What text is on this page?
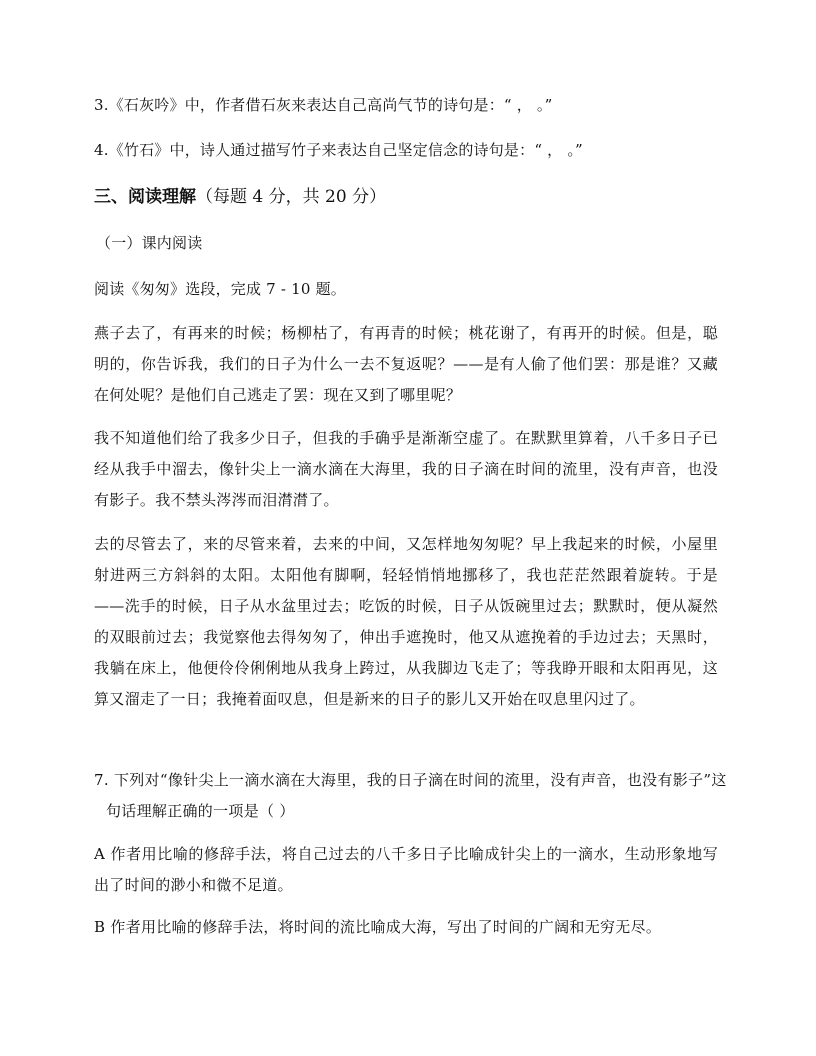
3.《石灰吟》中，作者借石灰来表达自己高尚气节的诗句是：“ ， 。”
4.《竹石》中，诗人通过描写竹子来表达自己坚定信念的诗句是：“ ， 。”
三、阅读理解（每题 4 分，共 20 分）
（一）课内阅读
阅读《匆匆》选段，完成 7 - 10 题。
燕子去了，有再来的时候；杨柳枯了，有再青的时候；桃花谢了，有再开的时候。但是，聪明的，你告诉我，我们的日子为什么一去不复返呢？——是有人偷了他们罢：那是谁？又藏在何处呢？是他们自己逃走了罢：现在又到了哪里呢？
我不知道他们给了我多少日子，但我的手确乎是渐渐空虚了。在默默里算着，八千多日子已经从我手中溜去，像针尖上一滴水滴在大海里，我的日子滴在时间的流里，没有声音，也没有影子。我不禁头涔涔而泪潸潸了。
去的尽管去了，来的尽管来着，去来的中间，又怎样地匆匆呢？早上我起来的时候，小屋里射进两三方斜斜的太阳。太阳他有脚啊，轻轻悄悄地挪移了，我也茫茫然跟着旋转。于是——洗手的时候，日子从水盆里过去；吃饭的时候，日子从饭碗里过去；默默时，便从凝然的双眼前过去；我觉察他去得匆匆了，伸出手遮挽时，他又从遮挽着的手边过去；天黑时，我躺在床上，他便伶伶俐俐地从我身上跨过，从我脚边飞走了；等我睁开眼和太阳再见，这算又溜走了一日；我掩着面叹息，但是新来的日子的影儿又开始在叹息里闪过了。
7. 下列对“像针尖上一滴水滴在大海里，我的日子滴在时间的流里，没有声音，也没有影子”这句话理解正确的一项是（ ）
A 作者用比喻的修辞手法，将自己过去的八千多日子比喻成针尖上的一滴水，生动形象地写出了时间的渺小和微不足道。
B 作者用比喻的修辞手法，将时间的流比喻成大海，写出了时间的广阔和无穷无尽。
